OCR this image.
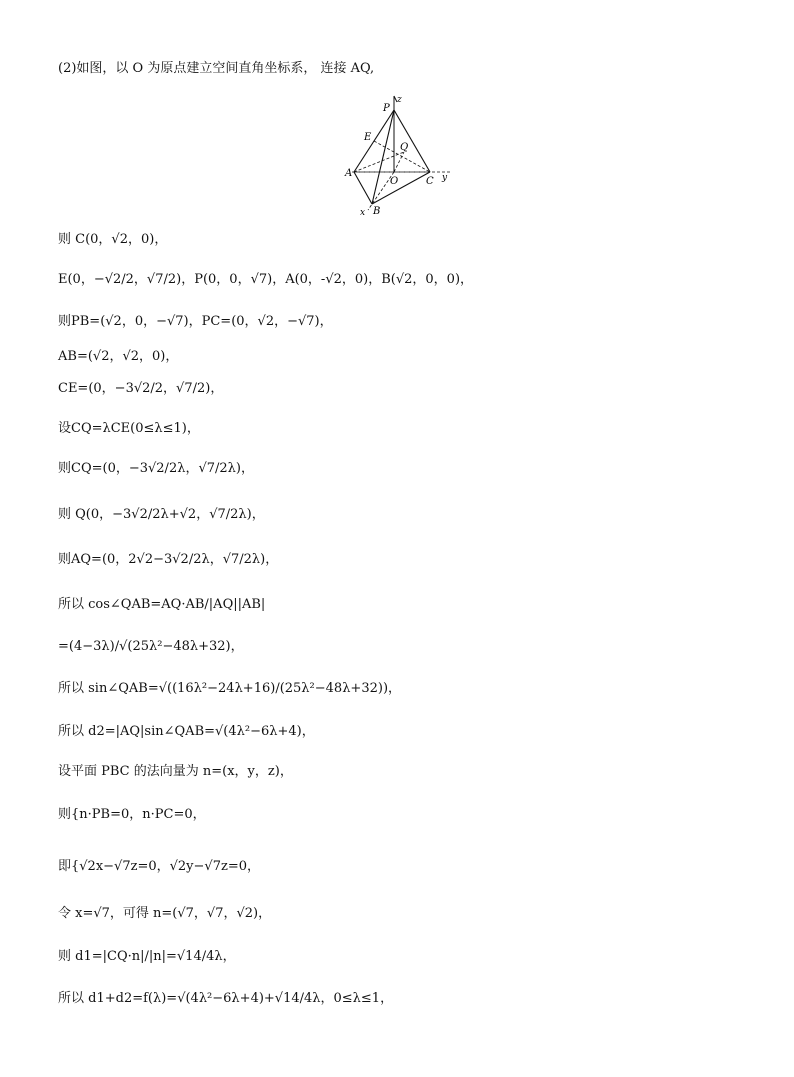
(2)如图，以 O 为原点建立空间直角坐标系， 连接 AQ,
P
z
E
Q
A
O	C y
x B
则 C(0，√2，0)，
E(0，−√2/2，√7/2)，P(0，0，√7)，A(0，-√2，0)，B(√2，0，0)，
则PB=(√2，0，−√7)，PC=(0，√2，−√7)，
AB=(√2，√2，0)，
CE=(0，−3√2/2，√7/2)，
设CQ=λCE(0≤λ≤1)，
则CQ=(0，−3√2/2λ，√7/2λ)，
则 Q(0，−3√2/2λ+√2，√7/2λ)，
则AQ=(0，2√2−3√2/2λ，√7/2λ)，
所以 cos∠QAB=AQ·AB/|AQ||AB|
=(4−3λ)/√(25λ²−48λ+32)，
所以 sin∠QAB=√((16λ²−24λ+16)/(25λ²−48λ+32))，
所以 d2=|AQ|sin∠QAB=√(4λ²−6λ+4)，
设平面 PBC 的法向量为 n=(x，y，z)，
则{n·PB=0，n·PC=0，
即{√2x−√7z=0，√2y−√7z=0，
令 x=√7，可得 n=(√7，√7，√2)，
则 d1=|CQ·n|/|n|=√14/4λ，
所以 d1+d2=f(λ)=√(4λ²−6λ+4)+√14/4λ，0≤λ≤1，
